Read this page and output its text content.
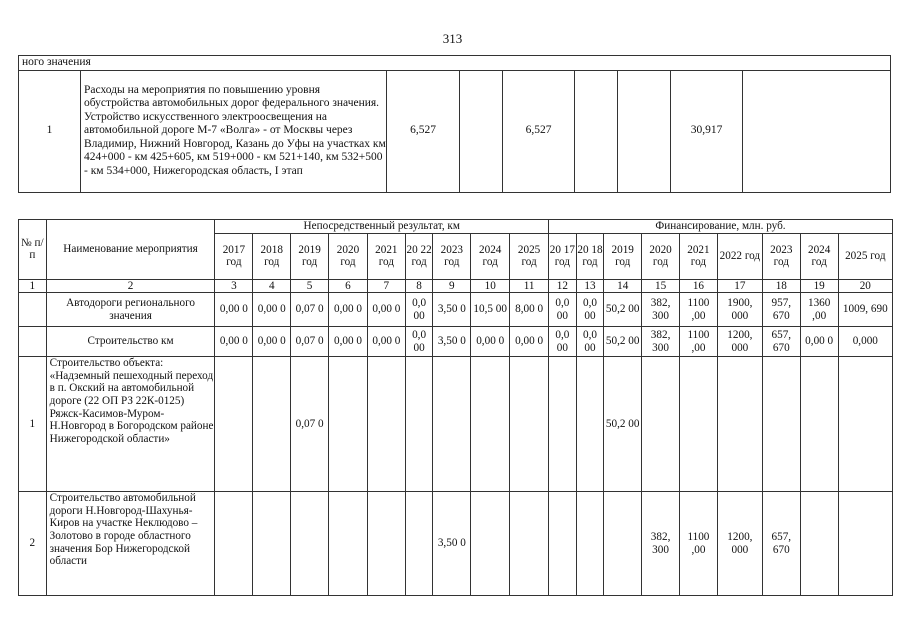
313
ного значения
1	Расходы на мероприятия по повышению уровня обустройства автомобильных дорог федерального значения. Устройство искусственного электроосвещения на автомобильной дороге М-7 «Волга» - от Москвы через Владимир, Нижний Новгород, Казань до Уфы на участках км 424+000 - км 425+605, км 519+000 - км 521+140, км 532+500 - км 534+000, Нижегородская область, I этап	6,527		6,527			30,917	
№ п/ п	Наименование мероприятия	Непосредственный результат, км									Финансирование, млн. руб.								
		2017 год	2018 год	2019 год	2020 год	2021 год	20 22 год	2023 год	2024 год	2025 год	20 17 год	20 18 год	2019 год	2020 год	2021 год	2022 год	2023 год	2024 год	2025 год
1	2	3	4	5	6	7	8	9	10	11	12	13	14	15	16	17	18	19	20
	Автодороги регионального значения	0,00 0	0,00 0	0,07 0	0,00 0	0,00 0	0,0 00	3,50 0	10,5 00	8,00 0	0,0 00	0,0 00	50,2 00	382, 300	1100 ,00	1900, 000	957, 670	1360 ,00	1009, 690
	Строительство км	0,00 0	0,00 0	0,07 0	0,00 0	0,00 0	0,0 00	3,50 0	0,00 0	0,00 0	0,0 00	0,0 00	50,2 00	382, 300	1100 ,00	1200, 000	657, 670	0,00 0	0,000
1	Строительство объекта: «Надземный пешеходный переход в п. Окский на автомобильной дороге (22 ОП РЗ 22К-0125) Ряжск-Касимов-Муром-Н.Новгород в Богородском районе Нижегородской области»			0,07 0									50,2 00						
2	Строительство автомобильной дороги Н.Новгород-Шахунья-Киров на участке Неклюдово – Золотово в городе областного значения Бор Нижегородской области							3,50 0						382, 300	1100 ,00	1200, 000	657, 670		
